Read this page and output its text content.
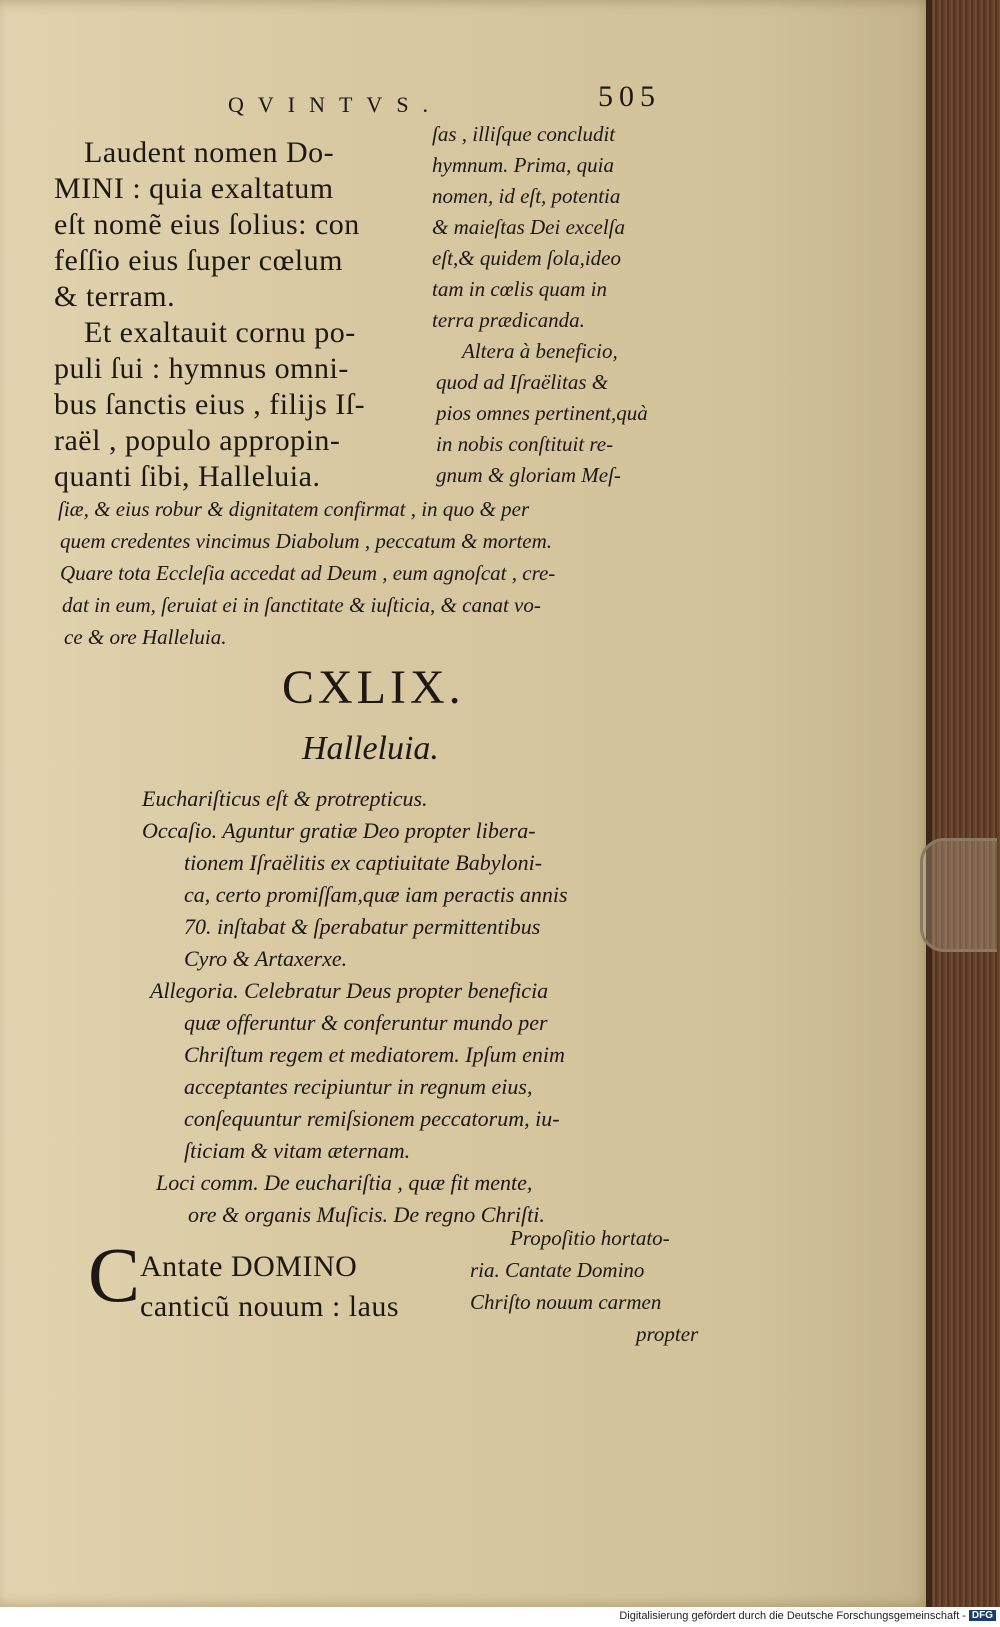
QVINTVS.	505
Laudent nomen Do-
MINI : quia exaltatum
eſt nomẽ eius ſolius: con
feſſio eius ſuper cœlum
& terram.
Et exaltauit cornu po-
puli ſui : hymnus omni-
bus ſanctis eius , filijs Iſ-
raël , populo appropin-
quanti ſibi, Halleluia.
ſas , illiſque concludit
hymnum. Prima, quia
nomen, id eſt, potentia
& maieſtas Dei excelſa
eſt,& quidem ſola,ideo
tam in cœlis quam in
terra prædicanda.
Altera à beneficio,
quod ad Iſraëlitas &
pios omnes pertinent,quà
in nobis conſtituit re-
gnum & gloriam Meſ-
ſiæ, & eius robur & dignitatem confirmat , in quo & per
quem credentes vincimus Diabolum , peccatum & mortem.
Quare tota Eccleſia accedat ad Deum , eum agnoſcat , cre-
dat in eum, ſeruiat ei in ſanctitate & iuſticia, & canat vo-
ce & ore Halleluia.
CXLIX.
Halleluia.
Euchariſticus eſt & protrepticus.
Occaſio. Aguntur gratiæ Deo propter libera-
tionem Iſraëlitis ex captiuitate Babyloni-
ca, certo promiſſam,quæ iam peractis annis
70. inſtabat & ſperabatur permittentibus
Cyro & Artaxerxe.
Allegoria. Celebratur Deus propter beneficia
quæ offeruntur & conferuntur mundo per
Chriſtum regem et mediatorem. Ipſum enim
acceptantes recipiuntur in regnum eius,
conſequuntur remiſsionem peccatorum, iu-
ſticiam & vitam æternam.
Loci comm. De euchariſtia , quæ fit mente,
ore & organis Muſicis. De regno Chriſti.
C Antate DOMINO
canticũ nouum : laus
Propoſitio hortato-
ria. Cantate Domino
Chriſto nouum carmen
propter
Digitalisierung gefördert durch die Deutsche Forschungsgemeinschaft - DFG
